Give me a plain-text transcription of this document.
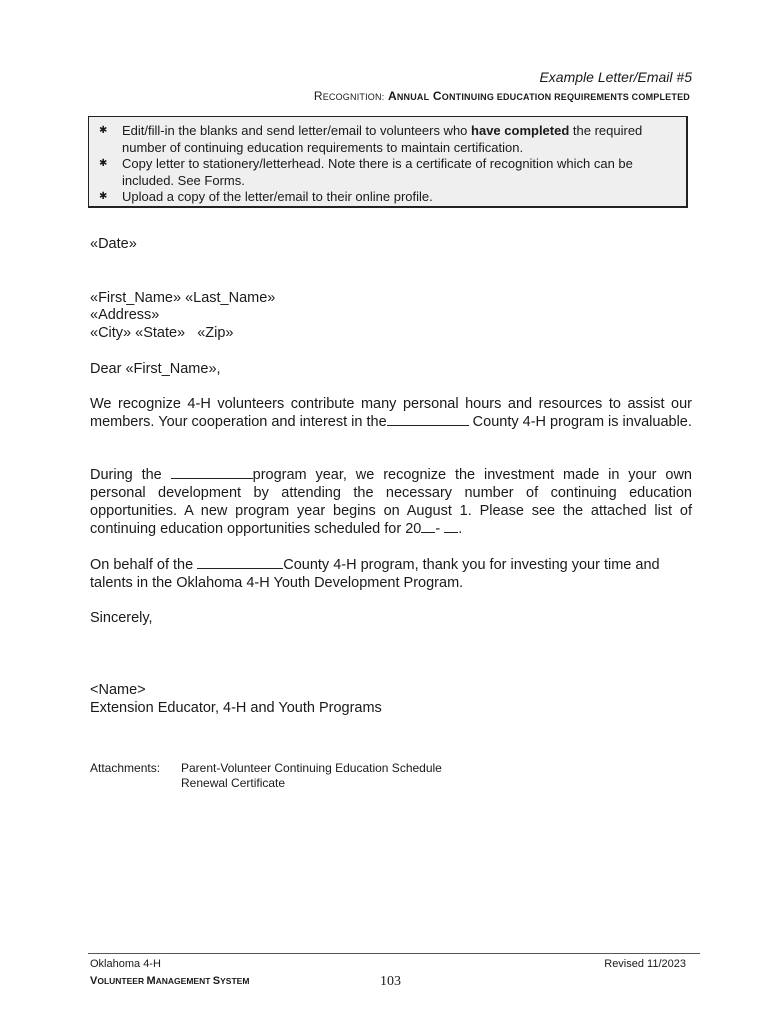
Example Letter/Email #5
RECOGNITION: ANNUAL CONTINUING EDUCATION REQUIREMENTS COMPLETED
✱ Edit/fill-in the blanks and send letter/email to volunteers who have completed the required number of continuing education requirements to maintain certification.
✱ Copy letter to stationery/letterhead. Note there is a certificate of recognition which can be included. See Forms.
✱ Upload a copy of the letter/email to their online profile.
«Date»
«First_Name» «Last_Name»
«Address»
«City» «State»   «Zip»
Dear «First_Name»,
We recognize 4-H volunteers contribute many personal hours and resources to assist our members. Your cooperation and interest in the	County 4-H program is invaluable.
During the	program year, we recognize the investment made in your own personal development by attending the necessary number of continuing education opportunities. A new program year begins on August 1. Please see the attached list of continuing education opportunities scheduled for 20 - .
On behalf of the	County 4-H program, thank you for investing your time and talents in the Oklahoma 4-H Youth Development Program.
Sincerely,
<Name>
Extension Educator, 4-H and Youth Programs
Attachments: Parent-Volunteer Continuing Education Schedule
Renewal Certificate
Oklahoma 4-H
VOLUNTEER MANAGEMENT SYSTEM	103
Revised 11/2023
